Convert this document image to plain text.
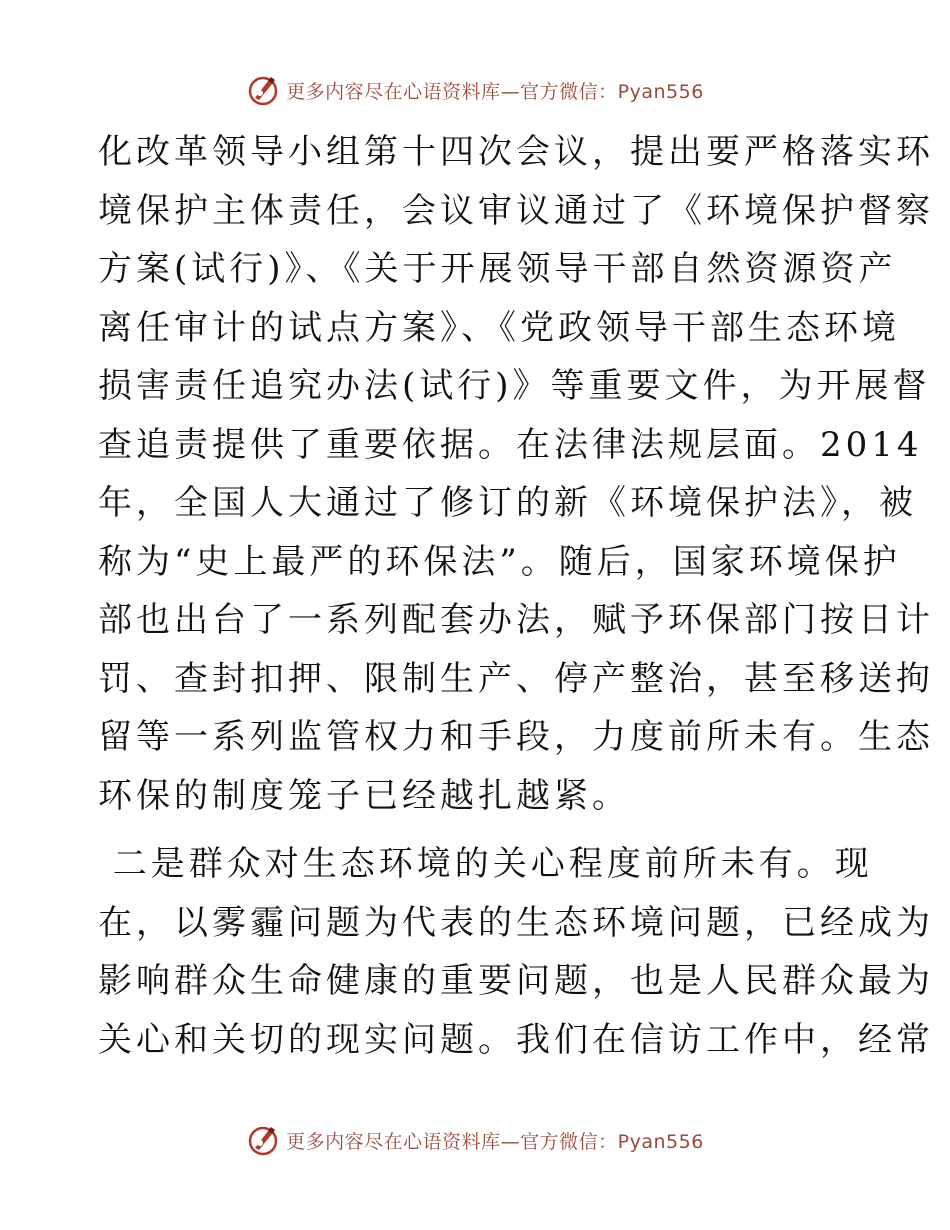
更多内容尽在心语资料库—官方微信：Pyan556
化改革领导小组第十四次会议，提出要严格落实环
境保护主体责任，会议审议通过了《环境保护督察
方案(试行)》、《关于开展领导干部自然资源资产
离任审计的试点方案》、《党政领导干部生态环境
损害责任追究办法(试行)》等重要文件，为开展督
查追责提供了重要依据。在法律法规层面。2014
年，全国人大通过了修订的新《环境保护法》，被
称为“史上最严的环保法”。随后，国家环境保护
部也出台了一系列配套办法，赋予环保部门按日计
罚、查封扣押、限制生产、停产整治，甚至移送拘
留等一系列监管权力和手段，力度前所未有。生态
环保的制度笼子已经越扎越紧。
二是群众对生态环境的关心程度前所未有。现
在，以雾霾问题为代表的生态环境问题，已经成为
影响群众生命健康的重要问题，也是人民群众最为
关心和关切的现实问题。我们在信访工作中，经常
更多内容尽在心语资料库—官方微信：Pyan556
